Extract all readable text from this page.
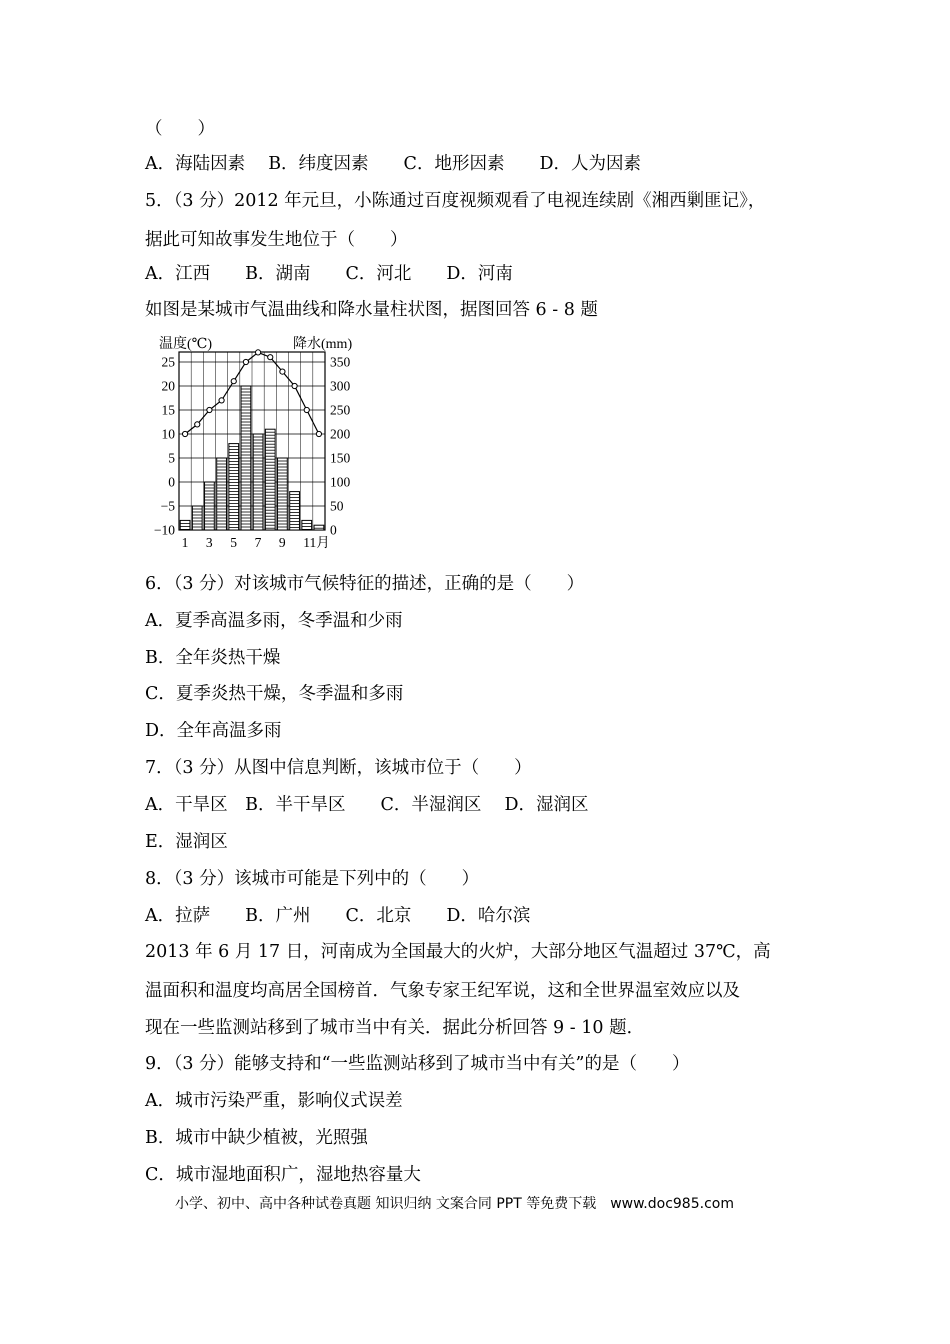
（　　）
A．海陆因素　 B．纬度因素　　C．地形因素　　D．人为因素
5．（3 分）2012 年元旦，小陈通过百度视频观看了电视连续剧《湘西剿匪记》，
据此可知故事发生地位于（　　）
A．江西　　B．湖南　　C．河北　　D．河南
如图是某城市气温曲线和降水量柱状图，据图回答 6 - 8 题
温度(℃)	降水(mm)
25
20
15
10
5
0
−5
−10
350
300
250
200
150
100
50
0
1 3 5 7 9 11月
6．（3 分）对该城市气候特征的描述，正确的是（　　）
A．夏季高温多雨，冬季温和少雨
B．全年炎热干燥
C．夏季炎热干燥，冬季温和多雨
D．全年高温多雨
7．（3 分）从图中信息判断，该城市位于（　　）
A．干旱区　B．半干旱区　　C．半湿润区　 D．湿润区
E．湿润区
8．（3 分）该城市可能是下列中的（　　）
A．拉萨　　B．广州　　C．北京　　D．哈尔滨
2013 年 6 月 17 日，河南成为全国最大的火炉，大部分地区气温超过 37℃，高
温面积和温度均高居全国榜首．气象专家王纪军说，这和全世界温室效应以及
现在一些监测站移到了城市当中有关．据此分析回答 9 - 10 题．
9．（3 分）能够支持和“一些监测站移到了城市当中有关”的是（　　）
A．城市污染严重，影响仪式误差
B．城市中缺少植被，光照强
C．城市湿地面积广，湿地热容量大
小学、初中、高中各种试卷真题 知识归纳 文案合同 PPT 等免费下载　www.doc985.com
